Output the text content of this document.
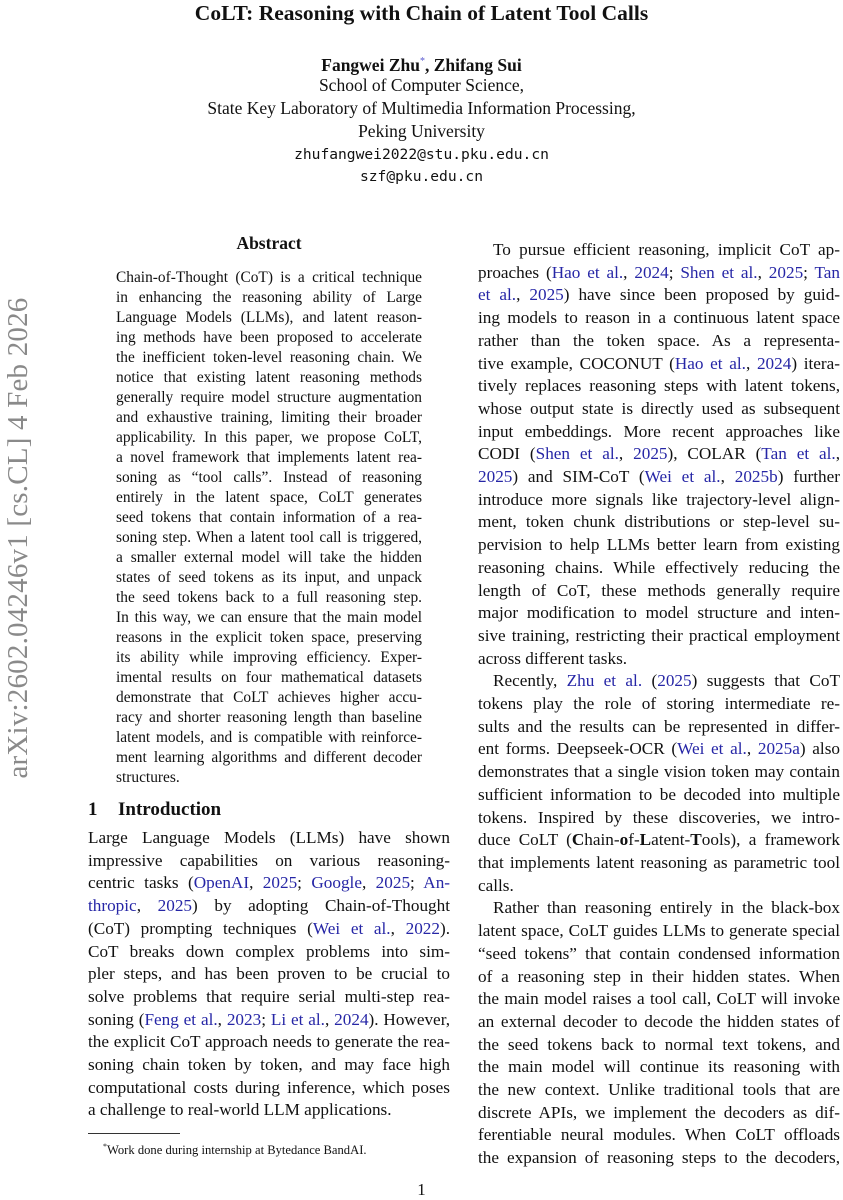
arXiv:2602.04246v1 [cs.CL] 4 Feb 2026
CoLT: Reasoning with Chain of Latent Tool Calls
Fangwei Zhu*, Zhifang Sui
School of Computer Science,
State Key Laboratory of Multimedia Information Processing,
Peking University
zhufangwei2022@stu.pku.edu.cn
szf@pku.edu.cn
Abstract
Chain-of-Thought (CoT) is a critical technique
in enhancing the reasoning ability of Large
Language Models (LLMs), and latent reason-
ing methods have been proposed to accelerate
the inefficient token-level reasoning chain. We
notice that existing latent reasoning methods
generally require model structure augmentation
and exhaustive training, limiting their broader
applicability. In this paper, we propose CoLT,
a novel framework that implements latent rea-
soning as “tool calls”. Instead of reasoning
entirely in the latent space, CoLT generates
seed tokens that contain information of a rea-
soning step. When a latent tool call is triggered,
a smaller external model will take the hidden
states of seed tokens as its input, and unpack
the seed tokens back to a full reasoning step.
In this way, we can ensure that the main model
reasons in the explicit token space, preserving
its ability while improving efficiency. Exper-
imental results on four mathematical datasets
demonstrate that CoLT achieves higher accu-
racy and shorter reasoning length than baseline
latent models, and is compatible with reinforce-
ment learning algorithms and different decoder
structures.
1 Introduction
Large Language Models (LLMs) have shown
impressive capabilities on various reasoning-
centric tasks (OpenAI, 2025; Google, 2025; An-
thropic, 2025) by adopting Chain-of-Thought
(CoT) prompting techniques (Wei et al., 2022).
CoT breaks down complex problems into sim-
pler steps, and has been proven to be crucial to
solve problems that require serial multi-step rea-
soning (Feng et al., 2023; Li et al., 2024). However,
the explicit CoT approach needs to generate the rea-
soning chain token by token, and may face high
computational costs during inference, which poses
a challenge to real-world LLM applications.
To pursue efficient reasoning, implicit CoT ap-
proaches (Hao et al., 2024; Shen et al., 2025; Tan
et al., 2025) have since been proposed by guid-
ing models to reason in a continuous latent space
rather than the token space. As a representa-
tive example, COCONUT (Hao et al., 2024) itera-
tively replaces reasoning steps with latent tokens,
whose output state is directly used as subsequent
input embeddings. More recent approaches like
CODI (Shen et al., 2025), COLAR (Tan et al.,
2025) and SIM-CoT (Wei et al., 2025b) further
introduce more signals like trajectory-level align-
ment, token chunk distributions or step-level su-
pervision to help LLMs better learn from existing
reasoning chains. While effectively reducing the
length of CoT, these methods generally require
major modification to model structure and inten-
sive training, restricting their practical employment
across different tasks.
Recently, Zhu et al. (2025) suggests that CoT
tokens play the role of storing intermediate re-
sults and the results can be represented in differ-
ent forms. Deepseek-OCR (Wei et al., 2025a) also
demonstrates that a single vision token may contain
sufficient information to be decoded into multiple
tokens. Inspired by these discoveries, we intro-
duce CoLT (Chain-of-Latent-Tools), a framework
that implements latent reasoning as parametric tool
calls.
Rather than reasoning entirely in the black-box
latent space, CoLT guides LLMs to generate special
“seed tokens” that contain condensed information
of a reasoning step in their hidden states. When
the main model raises a tool call, CoLT will invoke
an external decoder to decode the hidden states of
the seed tokens back to normal text tokens, and
the main model will continue its reasoning with
the new context. Unlike traditional tools that are
discrete APIs, we implement the decoders as dif-
ferentiable neural modules. When CoLT offloads
the expansion of reasoning steps to the decoders,
*Work done during internship at Bytedance BandAI.
1
